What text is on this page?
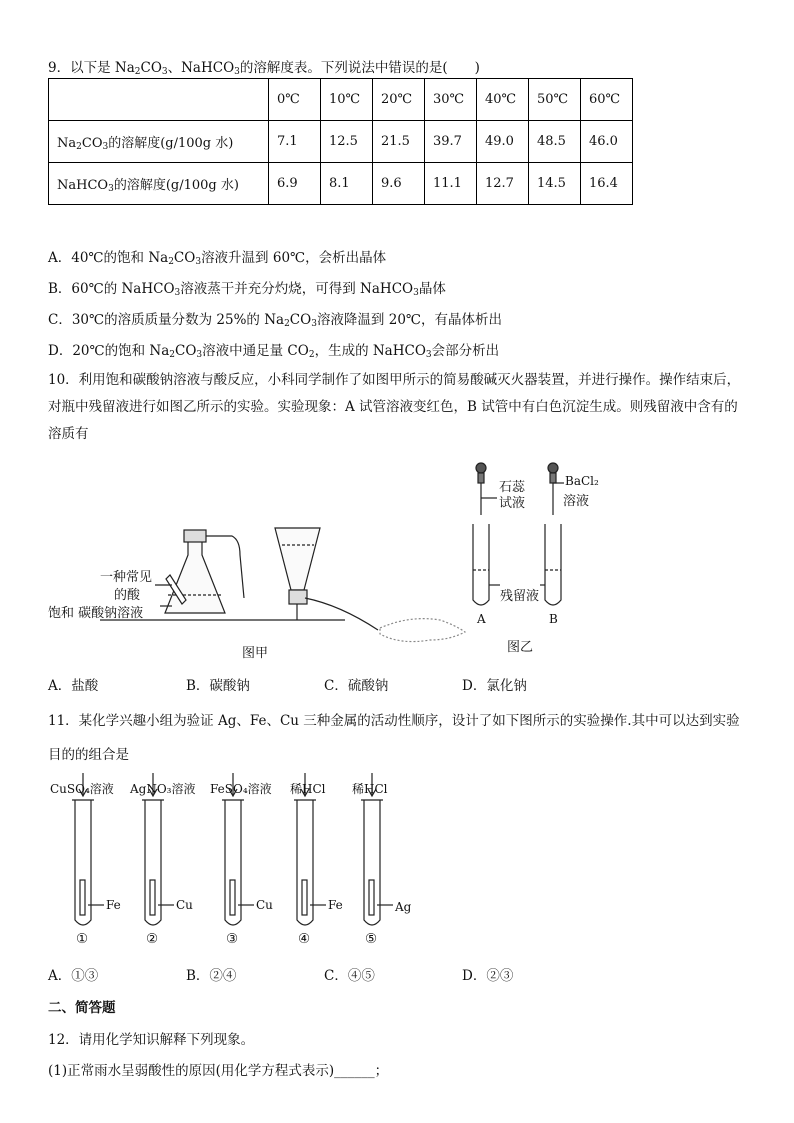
9．以下是 $Na_2CO_3$、NaHCO$_3$的溶解度表。下列说法中错误的是(　　)
	0℃	10℃	20℃	30℃	40℃	50℃	60℃
$Na_2CO_3$的溶解度(g/100g 水)	7.1	12.5	21.5	39.7	49.0	48.5	46.0
NaHCO$_3$的溶解度(g/100g 水)	6.9	8.1	9.6	11.1	12.7	14.5	16.4
A．40℃的饱和 $Na_2CO_3$溶液升温到 60℃，会析出晶体
B．60℃的 NaHCO$_3$溶液蒸干并充分灼烧，可得到 NaHCO$_3$晶体
C．30℃的溶质质量分数为 25%的 $Na_2CO_3$溶液降温到 20℃，有晶体析出
D．20℃的饱和 $Na_2CO_3$溶液中通足量 $CO_2$，生成的 NaHCO$_3$会部分析出
10．利用饱和碳酸钠溶液与酸反应，小科同学制作了如图甲所示的简易酸碱灭火器装置，并进行操作。操作结束后，对瓶中残留液进行如图乙所示的实验。实验现象：A 试管溶液变红色，B 试管中有白色沉淀生成。则残留液中含有的溶质有
一种常见
的酸
饱和 碳酸钠溶液
图甲
石蕊
试液
BaCl₂
溶液
残留液
A	B
图乙
A．盐酸	B．碳酸钠	C．硫酸钠	D．氯化钠
11．某化学兴趣小组为验证 Ag、Fe、Cu 三种金属的活动性顺序，设计了如下图所示的实验操作.其中可以达到实验目的的组合是
CuSO₄溶液 AgNO₃溶液 FeSO₄溶液 稀HCl 稀HCl
Fe	Cu	Cu	Fe	Ag
①	②	③	④	⑤
A．①③	B．②④	C．④⑤	D．②③
二、简答题
12．请用化学知识解释下列现象。
(1)正常雨水呈弱酸性的原因(用化学方程式表示)______；
